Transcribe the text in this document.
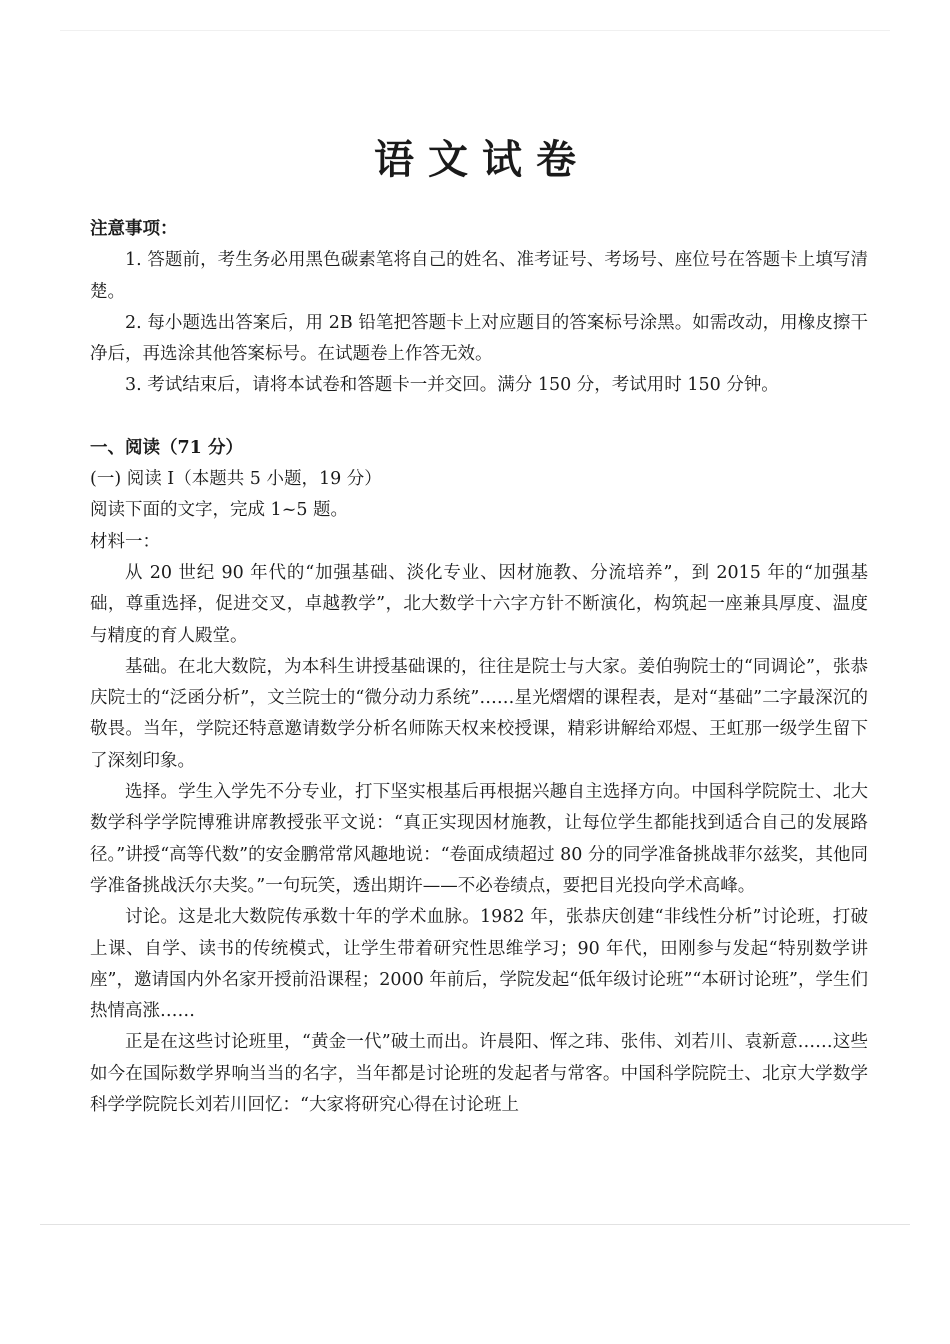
语文试卷

注意事项：

1. 答题前，考生务必用黑色碳素笔将自己的姓名、准考证号、考场号、座位号在答题卡上填写清楚。

2. 每小题选出答案后，用 2B 铅笔把答题卡上对应题目的答案标号涂黑。如需改动，用橡皮擦干净后，再选涂其他答案标号。在试题卷上作答无效。

3. 考试结束后，请将本试卷和答题卡一并交回。满分 150 分，考试用时 150 分钟。

一、阅读（71 分）

(一) 阅读 I（本题共 5 小题，19 分）

阅读下面的文字，完成 1~5 题。

材料一：

从 20 世纪 90 年代的“加强基础、淡化专业、因材施教、分流培养”，到 2015 年的“加强基础，尊重选择，促进交叉，卓越教学”，北大数学十六字方针不断演化，构筑起一座兼具厚度、温度与精度的育人殿堂。

基础。在北大数院，为本科生讲授基础课的，往往是院士与大家。姜伯驹院士的“同调论”，张恭庆院士的“泛函分析”，文兰院士的“微分动力系统”……星光熠熠的课程表，是对“基础”二字最深沉的敬畏。当年，学院还特意邀请数学分析名师陈天权来校授课，精彩讲解给邓煜、王虹那一级学生留下了深刻印象。

选择。学生入学先不分专业，打下坚实根基后再根据兴趣自主选择方向。中国科学院院士、北大数学科学学院博雅讲席教授张平文说：“真正实现因材施教，让每位学生都能找到适合自己的发展路径。”讲授“高等代数”的安金鹏常常风趣地说：“卷面成绩超过 80 分的同学准备挑战菲尔兹奖，其他同学准备挑战沃尔夫奖。”一句玩笑，透出期许——不必卷绩点，要把目光投向学术高峰。

讨论。这是北大数院传承数十年的学术血脉。1982 年，张恭庆创建“非线性分析”讨论班，打破上课、自学、读书的传统模式，让学生带着研究性思维学习；90 年代，田刚参与发起“特别数学讲座”，邀请国内外名家开授前沿课程；2000 年前后，学院发起“低年级讨论班”“本研讨论班”，学生们热情高涨……

正是在这些讨论班里，“黄金一代”破土而出。许晨阳、恽之玮、张伟、刘若川、袁新意……这些如今在国际数学界响当当的名字，当年都是讨论班的发起者与常客。中国科学院院士、北京大学数学科学学院院长刘若川回忆：“大家将研究心得在讨论班上
